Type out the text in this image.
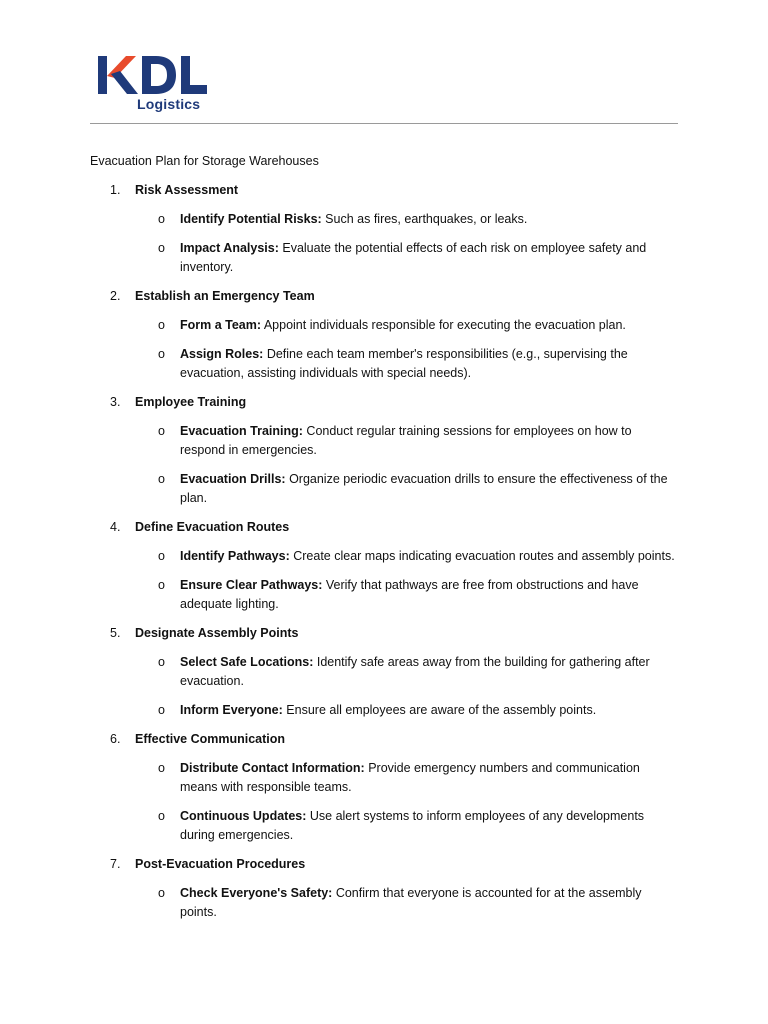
KDL
Logistics
Evacuation Plan for Storage Warehouses
1.	Risk Assessment
o Identify Potential Risks: Such as fires, earthquakes, or leaks.
o Impact Analysis: Evaluate the potential effects of each risk on employee safety and inventory.
2.	Establish an Emergency Team
o Form a Team: Appoint individuals responsible for executing the evacuation plan.
o Assign Roles: Define each team member's responsibilities (e.g., supervising the evacuation, assisting individuals with special needs).
3.	Employee Training
o Evacuation Training: Conduct regular training sessions for employees on how to respond in emergencies.
o Evacuation Drills: Organize periodic evacuation drills to ensure the effectiveness of the plan.
4.	Define Evacuation Routes
o Identify Pathways: Create clear maps indicating evacuation routes and assembly points.
o Ensure Clear Pathways: Verify that pathways are free from obstructions and have adequate lighting.
5.	Designate Assembly Points
o Select Safe Locations: Identify safe areas away from the building for gathering after evacuation.
o Inform Everyone: Ensure all employees are aware of the assembly points.
6.	Effective Communication
o Distribute Contact Information: Provide emergency numbers and communication means with responsible teams.
o Continuous Updates: Use alert systems to inform employees of any developments during emergencies.
7.	Post-Evacuation Procedures
o Check Everyone's Safety: Confirm that everyone is accounted for at the assembly points.
